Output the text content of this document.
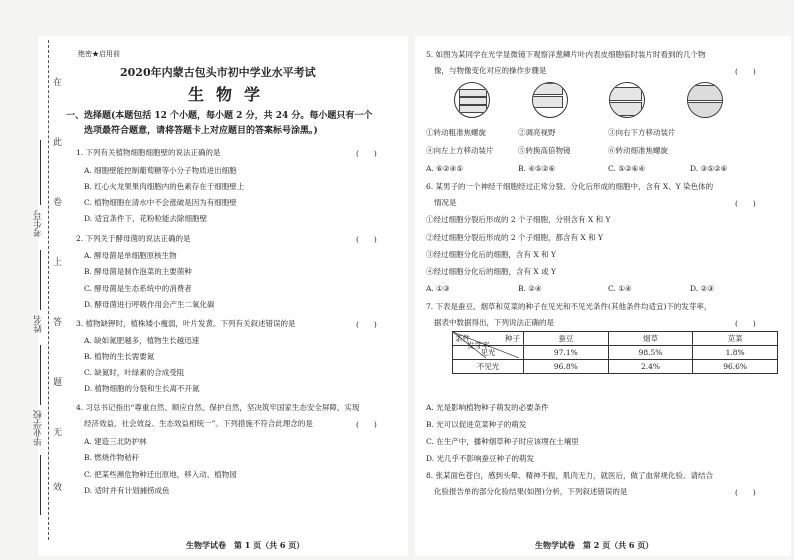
在
此
卷
上
答
题
无
效
考生号
姓名
毕业学校
绝密★启用前
2020年内蒙古包头市初中学业水平考试
生物学
一、选择题(本题包括 12 个小题，每小题 2 分，共 24 分。每小题只有一个
选项最符合题意，请将答题卡上对应题目的答案标号涂黑。)
1. 下列有关植物细胞细胞壁的说法正确的是	(　　)
A. 细胞壁能控制葡萄糖等小分子物质进出细胞
B. 红心火龙果果肉细胞内的色素存在于细胞壁上
C. 植物细胞在清水中不会涨破是因为有细胞壁
D. 适宜条件下，花粉粒能去除细胞壁
2. 下列关于酵母菌的说法正确的是	(　　)
A. 酵母菌是单细胞原核生物
B. 酵母菌是制作泡菜的主要菌种
C. 酵母菌是生态系统中的消费者
D. 酵母菌进行呼吸作用会产生二氧化碳
3. 植物缺钾时，植株矮小瘦弱，叶片发黄。下列有关叙述错误的是	(　　)
A. 缺如氮肥越多，植物生长越迅速
B. 植物的生长需要氮
C. 缺氮时，叶绿素的合成受阻
D. 植物细胞的分裂和生长离不开氮
4. 习总书记指出“尊重自然、顺应自然、保护自然，坚决筑牢国家生态安全屏障，实现
经济效益、社会效益、生态效益相统一”。下列措施不符合此理念的是	(　　)
A. 建造三北防护林
B. 燃烧作物秸秆
C. 把某些濒危物种迁出原地，移入动、植物园
D. 适时并有计划捕捞成鱼
生物学试卷　第 1 页（共 6 页）
5. 如图为某同学在光学显微镜下观察洋葱鳞片叶内表皮细胞临时装片时看到的几个物
像，与物像变化对应的操作步骤是	(　　)
①转动粗准焦螺旋	②调亮视野	③向右下方移动装片
④向左上方移动装片	⑤转换高倍物镜	⑥转动细准焦螺旋
A. ⑥②④⑤	B. ④⑤②⑥	C. ⑤②⑥④	D. ③⑤②⑥
6. 某男子的一个神经干细胞经过正常分裂、分化后形成的细胞中，含有 X、Y 染色体的
情况是	(　　)
①经过细胞分裂后形成的 2 个子细胞，分别含有 X 和 Y
②经过细胞分裂后形成的 2 个子细胞，都含有 X 和 Y
③经过细胞分化后的细胞，含有 X 和 Y
④经过细胞分化后的细胞，含有 X 或 Y
A. ①③	B. ②④	C. ①④	D. ②③
7. 下表是蚕豆、烟草和苋菜的种子在见光和不见光条件(其他条件均适宜)下的发芽率，
据表中数据得出，下列说法正确的是	(　　)
种子
发芽率
条件	蚕豆	烟草	苋菜
见光	97.1%	98.5%	1.8%
不见光	96.8%	2.4%	96.6%
A. 光是影响植物种子萌发的必要条件
B. 光可以促进苋菜种子的萌发
C. 在生产中，播种烟草种子时应该埋在土壤里
D. 光几乎不影响蚕豆种子的萌发
8. 张某面色苍白，感到头晕、精神不振，肌肉无力，就医后，做了血常规化验。请结合
化验报告单的部分化验结果(如图)分析，下列叙述错误的是	(　　)
生物学试卷　第 2 页（共 6 页）
